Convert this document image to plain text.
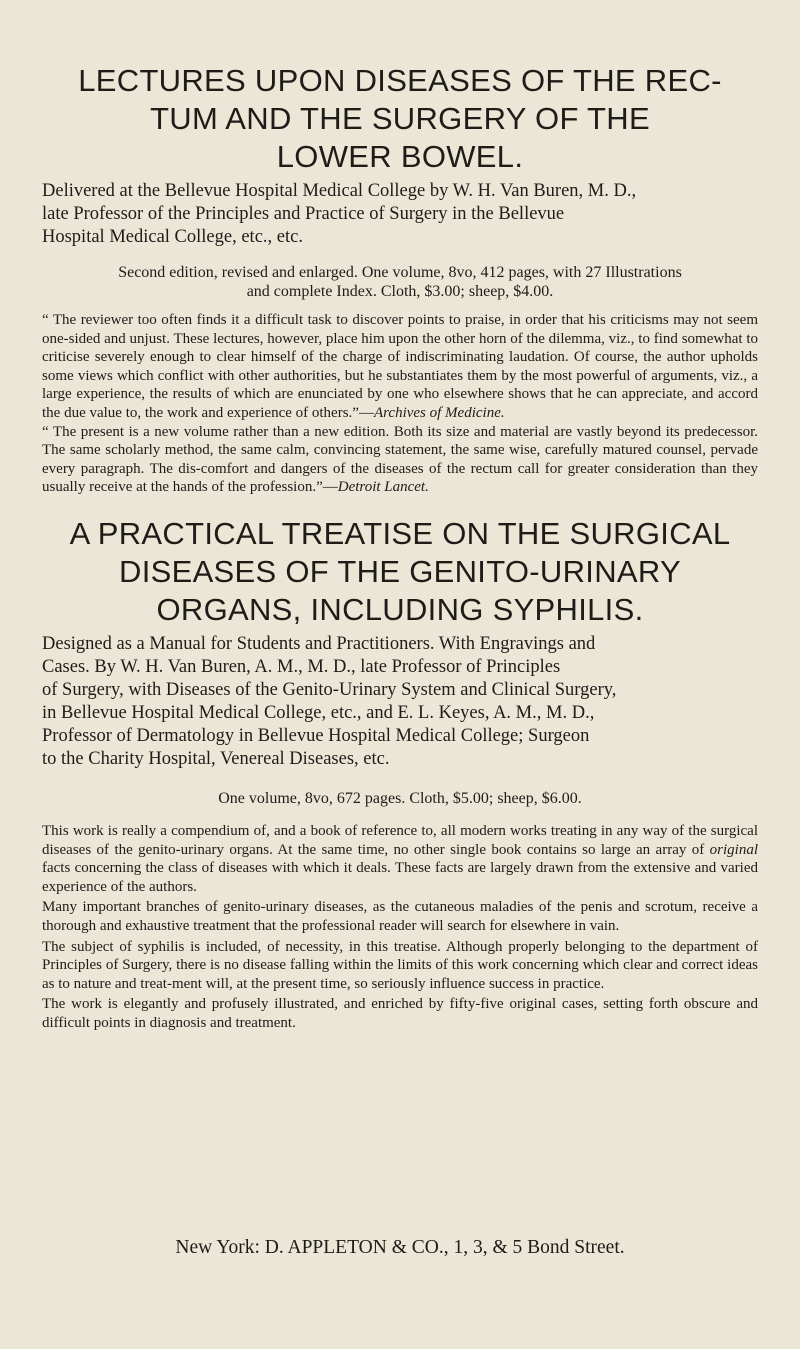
LECTURES UPON DISEASES OF THE REC-
TUM AND THE SURGERY OF THE
LOWER BOWEL.

Delivered at the Bellevue Hospital Medical College by W. H. Van Buren, M. D.,
late Professor of the Principles and Practice of Surgery in the Bellevue
Hospital Medical College, etc., etc.

Second edition, revised and enlarged. One volume, 8vo, 412 pages, with 27 Illustrations
and complete Index. Cloth, $3.00; sheep, $4.00.

“ The reviewer too often finds it a difficult task to discover points to praise, in order that his criticisms may not seem one-sided and unjust. These lectures, however, place him upon the other horn of the dilemma, viz., to find somewhat to criticise severely enough to clear himself of the charge of indiscriminating laudation. Of course, the author upholds some views which conflict with other authorities, but he substantiates them by the most powerful of arguments, viz., a large experience, the results of which are enunciated by one who elsewhere shows that he can appreciate, and accord the due value to, the work and experience of others.”—Archives of Medicine.

“ The present is a new volume rather than a new edition. Both its size and material are vastly beyond its predecessor. The same scholarly method, the same calm, convincing statement, the same wise, carefully matured counsel, pervade every paragraph. The dis-comfort and dangers of the diseases of the rectum call for greater consideration than they usually receive at the hands of the profession.”—Detroit Lancet.

A PRACTICAL TREATISE ON THE SURGICAL
DISEASES OF THE GENITO-URINARY
ORGANS, INCLUDING SYPHILIS.

Designed as a Manual for Students and Practitioners. With Engravings and
Cases. By W. H. Van Buren, A. M., M. D., late Professor of Principles
of Surgery, with Diseases of the Genito-Urinary System and Clinical Surgery,
in Bellevue Hospital Medical College, etc., and E. L. Keyes, A. M., M. D.,
Professor of Dermatology in Bellevue Hospital Medical College; Surgeon
to the Charity Hospital, Venereal Diseases, etc.

One volume, 8vo, 672 pages. Cloth, $5.00; sheep, $6.00.

This work is really a compendium of, and a book of reference to, all modern works treating in any way of the surgical diseases of the genito-urinary organs. At the same time, no other single book contains so large an array of original facts concerning the class of diseases with which it deals. These facts are largely drawn from the extensive and varied experience of the authors.

Many important branches of genito-urinary diseases, as the cutaneous maladies of the penis and scrotum, receive a thorough and exhaustive treatment that the professional reader will search for elsewhere in vain.

The subject of syphilis is included, of necessity, in this treatise. Although properly belonging to the department of Principles of Surgery, there is no disease falling within the limits of this work concerning which clear and correct ideas as to nature and treat-ment will, at the present time, so seriously influence success in practice.

The work is elegantly and profusely illustrated, and enriched by fifty-five original cases, setting forth obscure and difficult points in diagnosis and treatment.

New York: D. APPLETON & CO., 1, 3, & 5 Bond Street.
